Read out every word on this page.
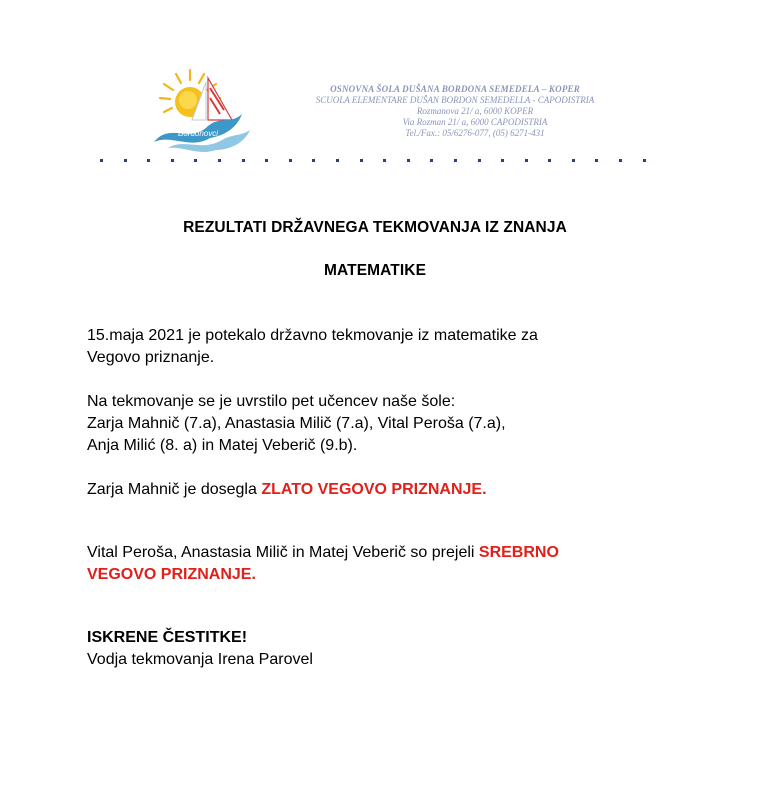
Bordonovci
OSNOVNA ŠOLA DUŠANA BORDONA SEMEDELA – KOPER
SCUOLA ELEMENTARE DUŠAN BORDON SEMEDELLA - CAPODISTRIA
Rozmanova 21/ a, 6000 KOPER
Via Rozman 21/ a, 6000 CAPODISTRIA
Tel./Fax.: 05/6276-077, (05) 6271-431
REZULTATI DRŽAVNEGA TEKMOVANJA IZ ZNANJA
MATEMATIKE
15.maja 2021 je potekalo državno tekmovanje iz matematike za
Vegovo priznanje.
Na tekmovanje se je uvrstilo pet učencev naše šole:
Zarja Mahnič (7.a), Anastasia Milič (7.a), Vital Peroša (7.a),
Anja Milić (8. a) in Matej Veberič (9.b).
Zarja Mahnič je dosegla ZLATO VEGOVO PRIZNANJE.
Vital Peroša, Anastasia Milič in Matej Veberič so prejeli SREBRNO
VEGOVO PRIZNANJE.
ISKRENE ČESTITKE!
Vodja tekmovanja Irena Parovel
